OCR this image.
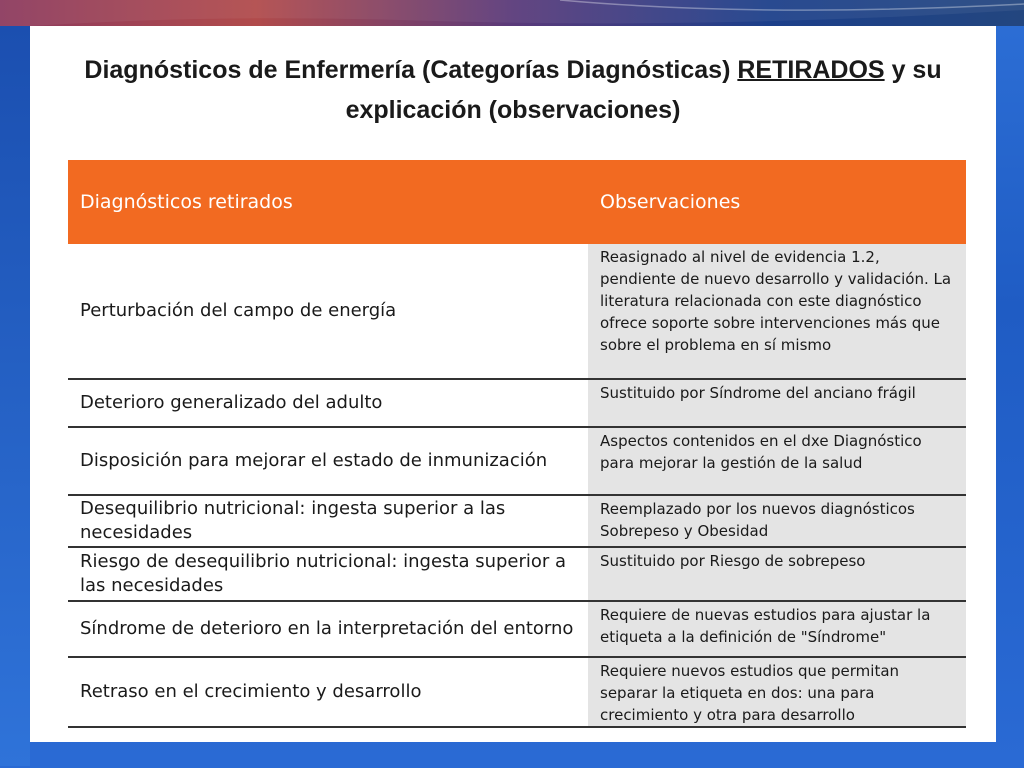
Diagnósticos de Enfermería (Categorías Diagnósticas) RETIRADOS y su
explicación (observaciones)
Diagnósticos retirados	Observaciones
Perturbación del campo de energía
Reasignado al nivel de evidencia 1.2, pendiente de nuevo desarrollo y validación. La literatura relacionada con este diagnóstico ofrece soporte sobre intervenciones más que sobre el problema en sí mismo
Deterioro generalizado del adulto	Sustituido por Síndrome del anciano frágil
Disposición para mejorar el estado de inmunización
Aspectos contenidos en el dxe Diagnóstico para mejorar la gestión de la salud
Desequilibrio nutricional: ingesta superior a las necesidades
Reemplazado por los nuevos diagnósticos Sobrepeso y Obesidad
Riesgo de desequilibrio nutricional: ingesta superior a las necesidades
Sustituido por Riesgo de sobrepeso
Síndrome de deterioro en la interpretación del entorno
Requiere de nuevas estudios para ajustar la etiqueta a la definición de "Síndrome"
Retraso en el crecimiento y desarrollo
Requiere nuevos estudios que permitan separar la etiqueta en dos: una para crecimiento y otra para desarrollo
